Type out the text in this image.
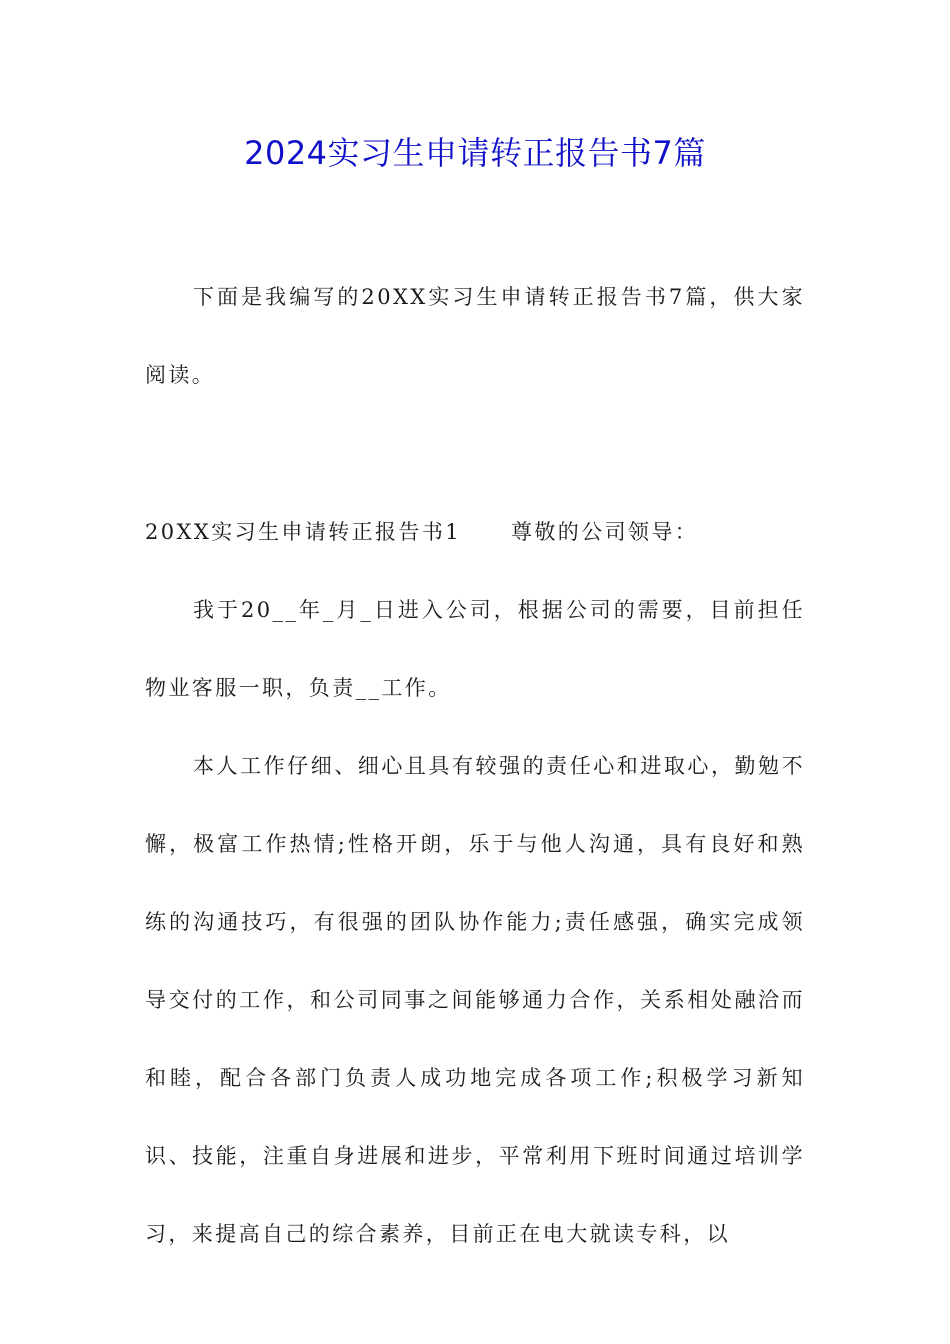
2024实习生申请转正报告书7篇

下面是我编写的20XX实习生申请转正报告书7篇，供大家阅读。

20XX实习生申请转正报告书1 尊敬的公司领导：

我于20__年_月_日进入公司，根据公司的需要，目前担任物业客服一职，负责__工作。

本人工作仔细、细心且具有较强的责任心和进取心，勤勉不懈，极富工作热情;性格开朗，乐于与他人沟通，具有良好和熟练的沟通技巧，有很强的团队协作能力;责任感强，确实完成领导交付的工作，和公司同事之间能够通力合作，关系相处融洽而和睦，配合各部门负责人成功地完成各项工作;积极学习新知识、技能，注重自身进展和进步，平常利用下班时间通过培训学习，来提高自己的综合素养，目前正在电大就读专科，以
